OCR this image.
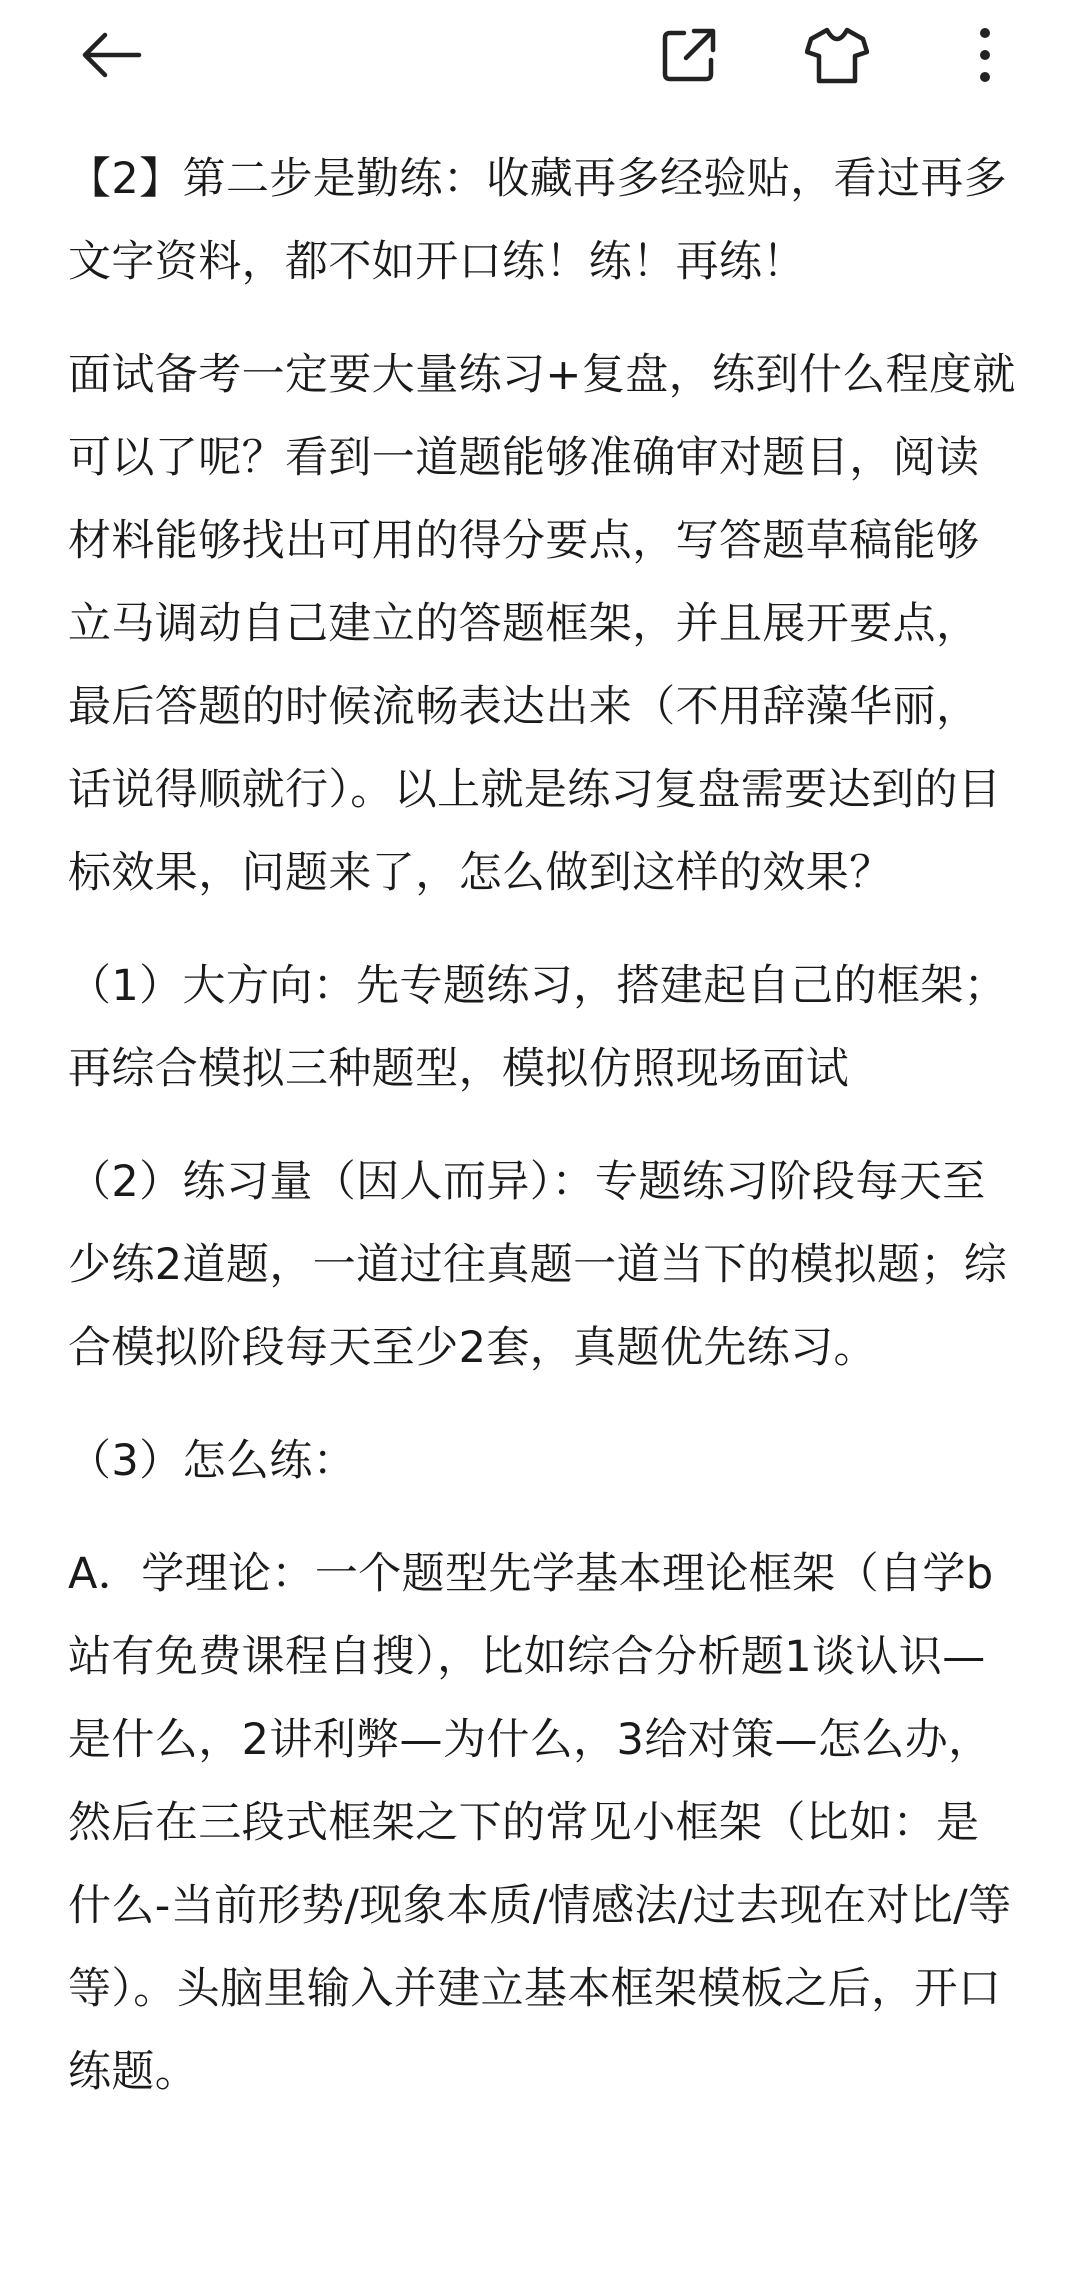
【2】第二步是勤练：收藏再多经验贴，看过再多文字资料，都不如开口练！练！再练！

面试备考一定要大量练习+复盘，练到什么程度就可以了呢？看到一道题能够准确审对题目，阅读材料能够找出可用的得分要点，写答题草稿能够立马调动自己建立的答题框架，并且展开要点，最后答题的时候流畅表达出来（不用辞藻华丽，话说得顺就行）。以上就是练习复盘需要达到的目标效果，问题来了，怎么做到这样的效果？

（1）大方向：先专题练习，搭建起自己的框架；再综合模拟三种题型，模拟仿照现场面试

（2）练习量（因人而异）：专题练习阶段每天至少练2道题，一道过往真题一道当下的模拟题；综合模拟阶段每天至少2套，真题优先练习。

（3）怎么练：

A．学理论：一个题型先学基本理论框架（自学b站有免费课程自搜），比如综合分析题1谈认识—是什么，2讲利弊—为什么，3给对策—怎么办，然后在三段式框架之下的常见小框架（比如：是什么-当前形势/现象本质/情感法/过去现在对比/等等）。头脑里输入并建立基本框架模板之后，开口练题。
